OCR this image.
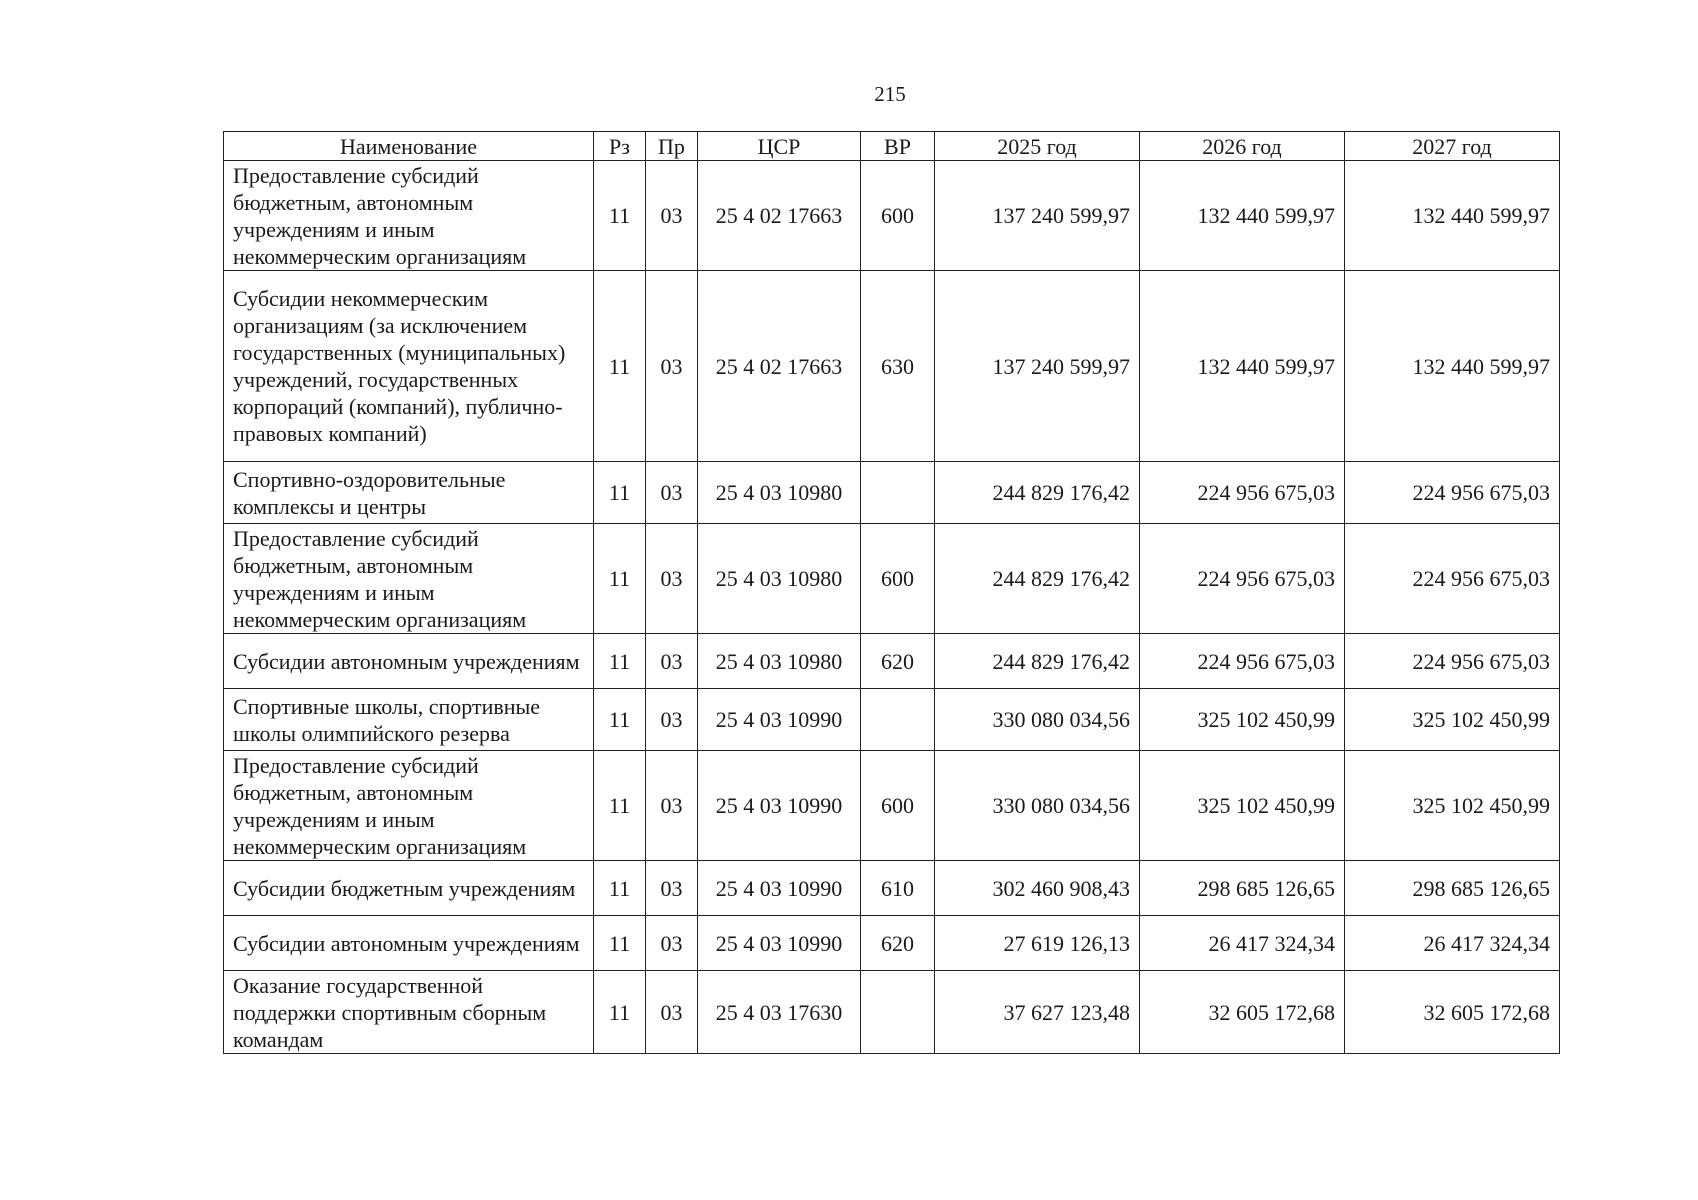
215
Наименование	Рз	Пр	ЦСР	ВР	2025 год	2026 год	2027 год
Предоставление субсидий бюджетным, автономным учреждениям и иным некоммерческим организациям	11	03	25 4 02 17663	600	137 240 599,97	132 440 599,97	132 440 599,97
Субсидии некоммерческим организациям (за исключением государственных (муниципальных) учреждений, государственных корпораций (компаний), публично-правовых компаний)	11	03	25 4 02 17663	630	137 240 599,97	132 440 599,97	132 440 599,97
Спортивно-оздоровительные комплексы и центры	11	03	25 4 03 10980		244 829 176,42	224 956 675,03	224 956 675,03
Предоставление субсидий бюджетным, автономным учреждениям и иным некоммерческим организациям	11	03	25 4 03 10980	600	244 829 176,42	224 956 675,03	224 956 675,03
Субсидии автономным учреждениям	11	03	25 4 03 10980	620	244 829 176,42	224 956 675,03	224 956 675,03
Спортивные школы, спортивные школы олимпийского резерва	11	03	25 4 03 10990		330 080 034,56	325 102 450,99	325 102 450,99
Предоставление субсидий бюджетным, автономным учреждениям и иным некоммерческим организациям	11	03	25 4 03 10990	600	330 080 034,56	325 102 450,99	325 102 450,99
Субсидии бюджетным учреждениям	11	03	25 4 03 10990	610	302 460 908,43	298 685 126,65	298 685 126,65
Субсидии автономным учреждениям	11	03	25 4 03 10990	620	27 619 126,13	26 417 324,34	26 417 324,34
Оказание государственной поддержки спортивным сборным командам	11	03	25 4 03 17630		37 627 123,48	32 605 172,68	32 605 172,68
